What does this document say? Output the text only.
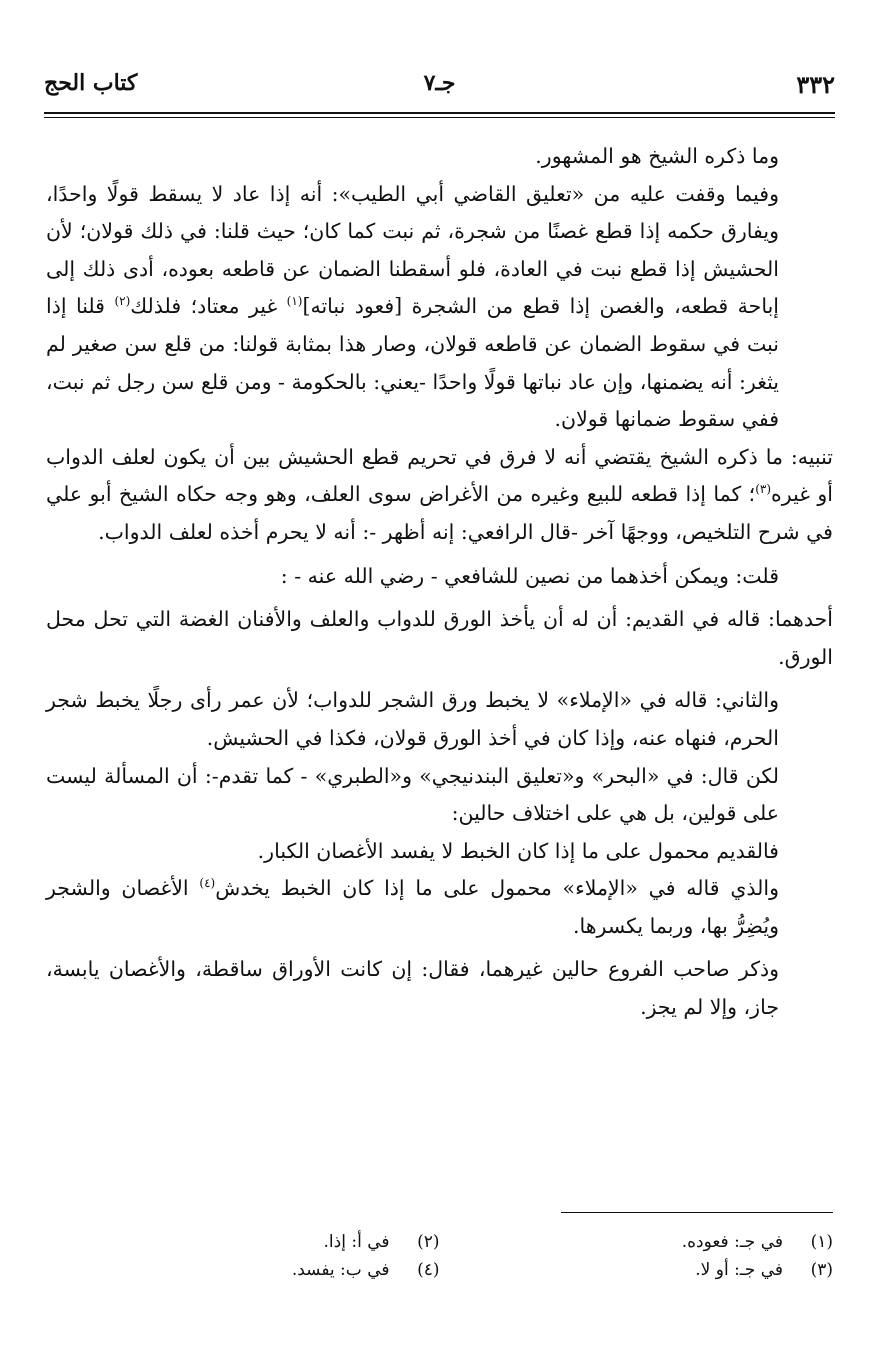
٣٣٢
جـ٧
كتاب الحج

وما ذكره الشيخ هو المشهور.

وفيما وقفت عليه من «تعليق القاضي أبي الطيب»: أنه إذا عاد لا يسقط قولًا واحدًا، ويفارق حكمه إذا قطع غصنًا من شجرة، ثم نبت كما كان؛ حيث قلنا: في ذلك قولان؛ لأن الحشيش إذا قطع نبت في العادة، فلو أسقطنا الضمان عن قاطعه بعوده، أدى ذلك إلى إباحة قطعه، والغصن إذا قطع من الشجرة [فعود نباته]$^{(١)}$ غير معتاد؛ فلذلك$^{(٢)}$ قلنا إذا نبت في سقوط الضمان عن قاطعه قولان، وصار هذا بمثابة قولنا: من قلع سن صغير لم يثغر: أنه يضمنها، وإن عاد نباتها قولًا واحدًا -يعني: بالحكومة - ومن قلع سن رجل ثم نبت، ففي سقوط ضمانها قولان.

تنبيه: ما ذكره الشيخ يقتضي أنه لا فرق في تحريم قطع الحشيش بين أن يكون لعلف الدواب أو غيره$^{(٣)}$؛ كما إذا قطعه للبيع وغيره من الأغراض سوى العلف، وهو وجه حكاه الشيخ أبو علي في شرح التلخيص، ووجهًا آخر -قال الرافعي: إنه أظهر -: أنه لا يحرم أخذه لعلف الدواب.

قلت: ويمكن أخذهما من نصين للشافعي - رضي الله عنه - :

أحدهما: قاله في القديم: أن له أن يأخذ الورق للدواب والعلف والأفنان الغضة التي تحل محل الورق.

والثاني: قاله في «الإملاء» لا يخبط ورق الشجر للدواب؛ لأن عمر رأى رجلًا يخبط شجر الحرم، فنهاه عنه، وإذا كان في أخذ الورق قولان، فكذا في الحشيش.

لكن قال: في «البحر» و«تعليق البندنيجي» و«الطبري» - كما تقدم-: أن المسألة ليست على قولين، بل هي على اختلاف حالين:

فالقديم محمول على ما إذا كان الخبط لا يفسد الأغصان الكبار.

والذي قاله في «الإملاء» محمول على ما إذا كان الخبط يخدش$^{(٤)}$ الأغصان والشجر ويُضِرُّ بها، وربما يكسرها.

وذكر صاحب الفروع حالين غيرهما، فقال: إن كانت الأوراق ساقطة، والأغصان يابسة، جاز، وإلا لم يجز.

(١)في جـ: فعوده.
(٢)في أ: إذا.
(٣)في جـ: أو لا.
(٤)في ب: يفسد.
